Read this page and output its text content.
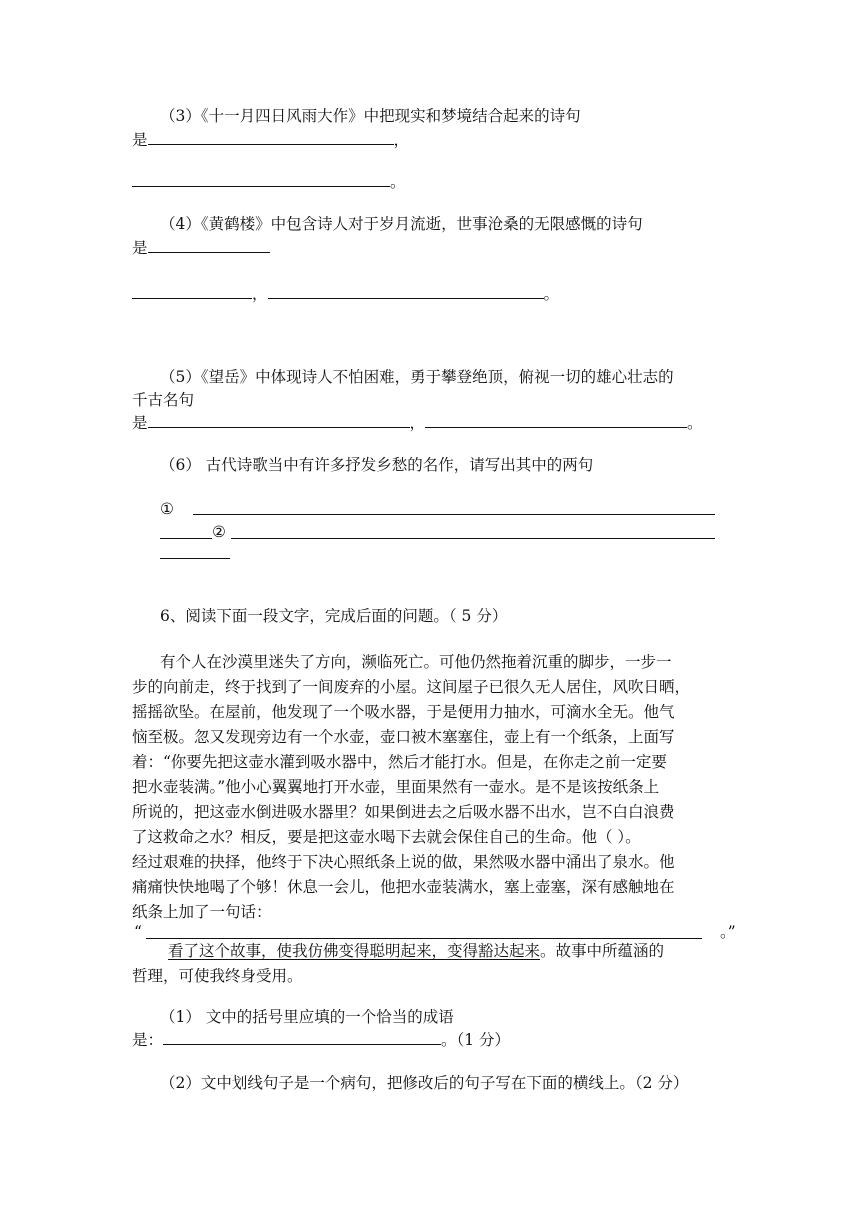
（3）《十一月四日风雨大作》中把现实和梦境结合起来的诗句
是	，
。
（4）《黄鹤楼》中包含诗人对于岁月流逝，世事沧桑的无限感慨的诗句
是
，	。
（5）《望岳》中体现诗人不怕困难，勇于攀登绝顶，俯视一切的雄心壮志的
千古名句
是	，	。
（6） 古代诗歌当中有许多抒发乡愁的名作，请写出其中的两句
①
②
6、阅读下面一段文字，完成后面的问题。（ 5 分）
有个人在沙漠里迷失了方向，濒临死亡。可他仍然拖着沉重的脚步，一步一
步的向前走，终于找到了一间废弃的小屋。这间屋子已很久无人居住，风吹日晒，
摇摇欲坠。在屋前，他发现了一个吸水器，于是便用力抽水，可滴水全无。他气
恼至极。忽又发现旁边有一个水壶，壶口被木塞塞住，壶上有一个纸条，上面写
着：“你要先把这壶水灌到吸水器中，然后才能打水。但是，在你走之前一定要
把水壶装满。”他小心翼翼地打开水壶，里面果然有一壶水。是不是该按纸条上
所说的，把这壶水倒进吸水器里？如果倒进去之后吸水器不出水，岂不白白浪费
了这救命之水？相反，要是把这壶水喝下去就会保住自己的生命。他（ ）。
经过艰难的抉择，他终于下决心照纸条上说的做，果然吸水器中涌出了泉水。他
痛痛快快地喝了个够！休息一会儿，他把水壶装满水，塞上壶塞，深有感触地在
纸条上加了一句话：
“	。”
看了这个故事，使我仿佛变得聪明起来，变得豁达起来。故事中所蕴涵的
哲理，可使我终身受用。
（1） 文中的括号里应填的一个恰当的成语
是：	。（1 分）
（2）文中划线句子是一个病句，把修改后的句子写在下面的横线上。（2 分）
